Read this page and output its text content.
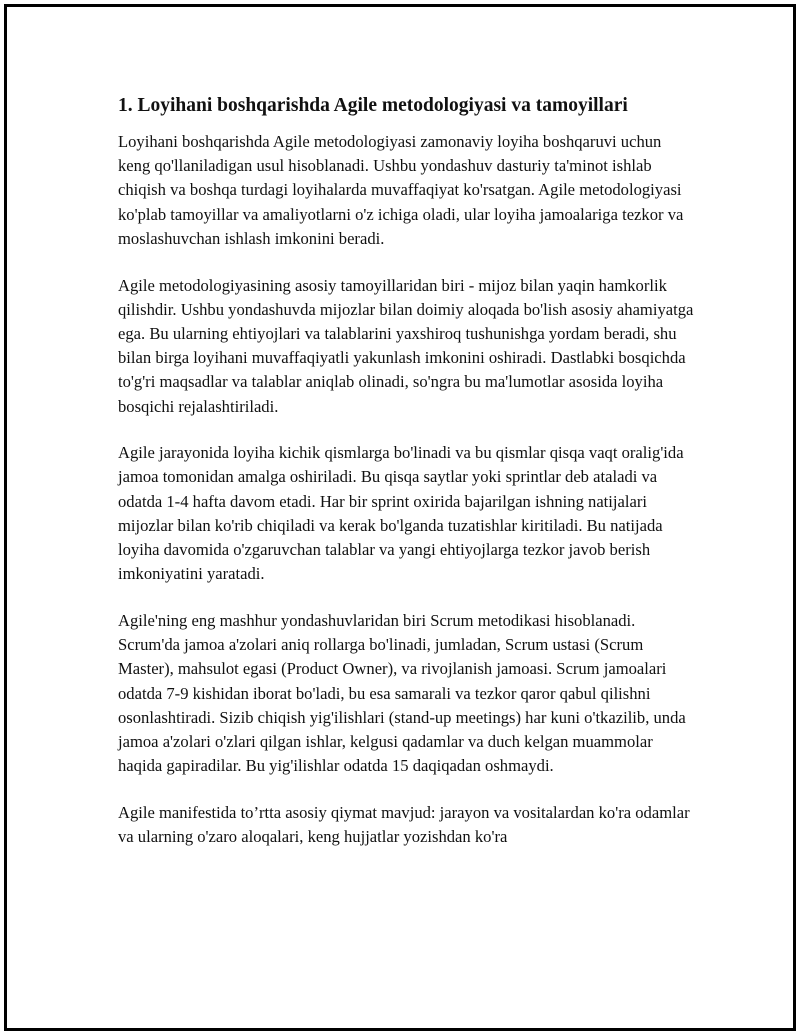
1. Loyihani boshqarishda Agile metodologiyasi va tamoyillari

Loyihani boshqarishda Agile metodologiyasi zamonaviy loyiha boshqaruvi uchun keng qo'llaniladigan usul hisoblanadi. Ushbu yondashuv dasturiy ta'minot ishlab chiqish va boshqa turdagi loyihalarda muvaffaqiyat ko'rsatgan. Agile metodologiyasi ko'plab tamoyillar va amaliyotlarni o'z ichiga oladi, ular loyiha jamoalariga tezkor va moslashuvchan ishlash imkonini beradi.

Agile metodologiyasining asosiy tamoyillaridan biri - mijoz bilan yaqin hamkorlik qilishdir. Ushbu yondashuvda mijozlar bilan doimiy aloqada bo'lish asosiy ahamiyatga ega. Bu ularning ehtiyojlari va talablarini yaxshiroq tushunishga yordam beradi, shu bilan birga loyihani muvaffaqiyatli yakunlash imkonini oshiradi. Dastlabki bosqichda to'g'ri maqsadlar va talablar aniqlab olinadi, so'ngra bu ma'lumotlar asosida loyiha bosqichi rejalashtiriladi.

Agile jarayonida loyiha kichik qismlarga bo'linadi va bu qismlar qisqa vaqt oralig'ida jamoa tomonidan amalga oshiriladi. Bu qisqa saytlar yoki sprintlar deb ataladi va odatda 1-4 hafta davom etadi. Har bir sprint oxirida bajarilgan ishning natijalari mijozlar bilan ko'rib chiqiladi va kerak bo'lganda tuzatishlar kiritiladi. Bu natijada loyiha davomida o'zgaruvchan talablar va yangi ehtiyojlarga tezkor javob berish imkoniyatini yaratadi.

Agile'ning eng mashhur yondashuvlaridan biri Scrum metodikasi hisoblanadi. Scrum'da jamoa a'zolari aniq rollarga bo'linadi, jumladan, Scrum ustasi (Scrum Master), mahsulot egasi (Product Owner), va rivojlanish jamoasi. Scrum jamoalari odatda 7-9 kishidan iborat bo'ladi, bu esa samarali va tezkor qaror qabul qilishni osonlashtiradi. Sizib chiqish yig'ilishlari (stand-up meetings) har kuni o'tkazilib, unda jamoa a'zolari o'zlari qilgan ishlar, kelgusi qadamlar va duch kelgan muammolar haqida gapiradilar. Bu yig'ilishlar odatda 15 daqiqadan oshmaydi.

Agile manifestida to’rtta asosiy qiymat mavjud: jarayon va vositalardan ko'ra odamlar va ularning o'zaro aloqalari, keng hujjatlar yozishdan ko'ra
